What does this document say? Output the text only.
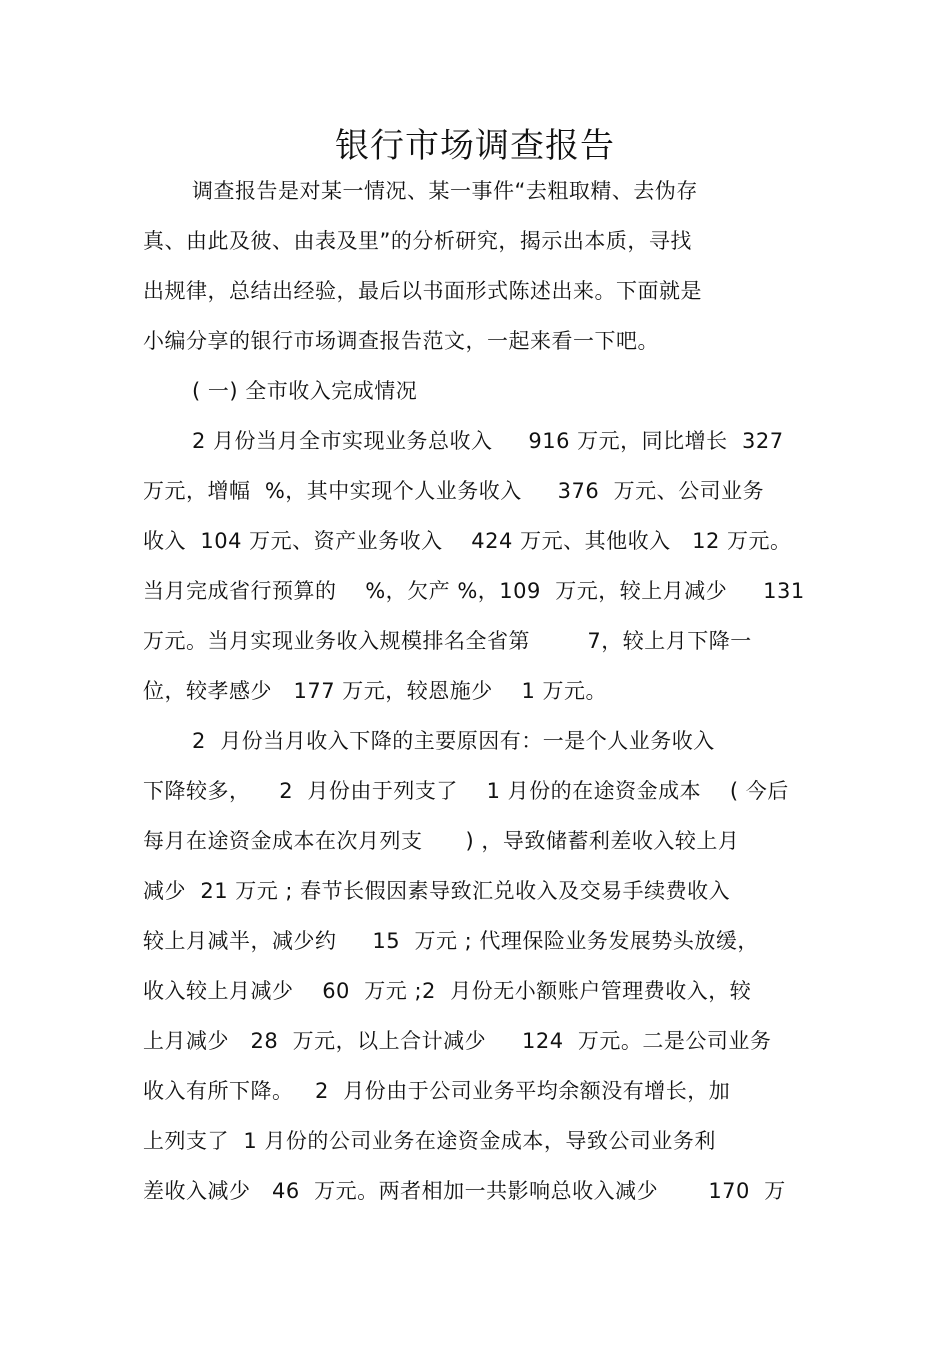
银行市场调查报告
调查报告是对某一情况、某一事件“去粗取精、去伪存
真、由此及彼、由表及里”的分析研究，揭示出本质，寻找
出规律，总结出经验，最后以书面形式陈述出来。下面就是
小编分享的银行市场调查报告范文，一起来看一下吧。
( 一) 全市收入完成情况
2 月份当月全市实现业务总收入     916 万元，同比增长  327
万元，增幅  %，其中实现个人业务收入     376  万元、公司业务
收入  104 万元、资产业务收入    424 万元、其他收入   12 万元。
当月完成省行预算的    %，欠产 %，109  万元，较上月减少     131
万元。当月实现业务收入规模排名全省第        7，较上月下降一
位，较孝感少   177 万元，较恩施少    1 万元。
2  月份当月收入下降的主要原因有：一是个人业务收入
下降较多，    2  月份由于列支了    1 月份的在途资金成本    ( 今后
每月在途资金成本在次月列支      ) ，导致储蓄利差收入较上月
减少  21 万元 ; 春节长假因素导致汇兑收入及交易手续费收入
较上月减半，减少约     15  万元 ; 代理保险业务发展势头放缓，
收入较上月减少    60  万元 ;2  月份无小额账户管理费收入，较
上月减少   28  万元，以上合计减少     124  万元。二是公司业务
收入有所下降。   2  月份由于公司业务平均余额没有增长，加
上列支了  1 月份的公司业务在途资金成本，导致公司业务利
差收入减少   46  万元。两者相加一共影响总收入减少       170  万
